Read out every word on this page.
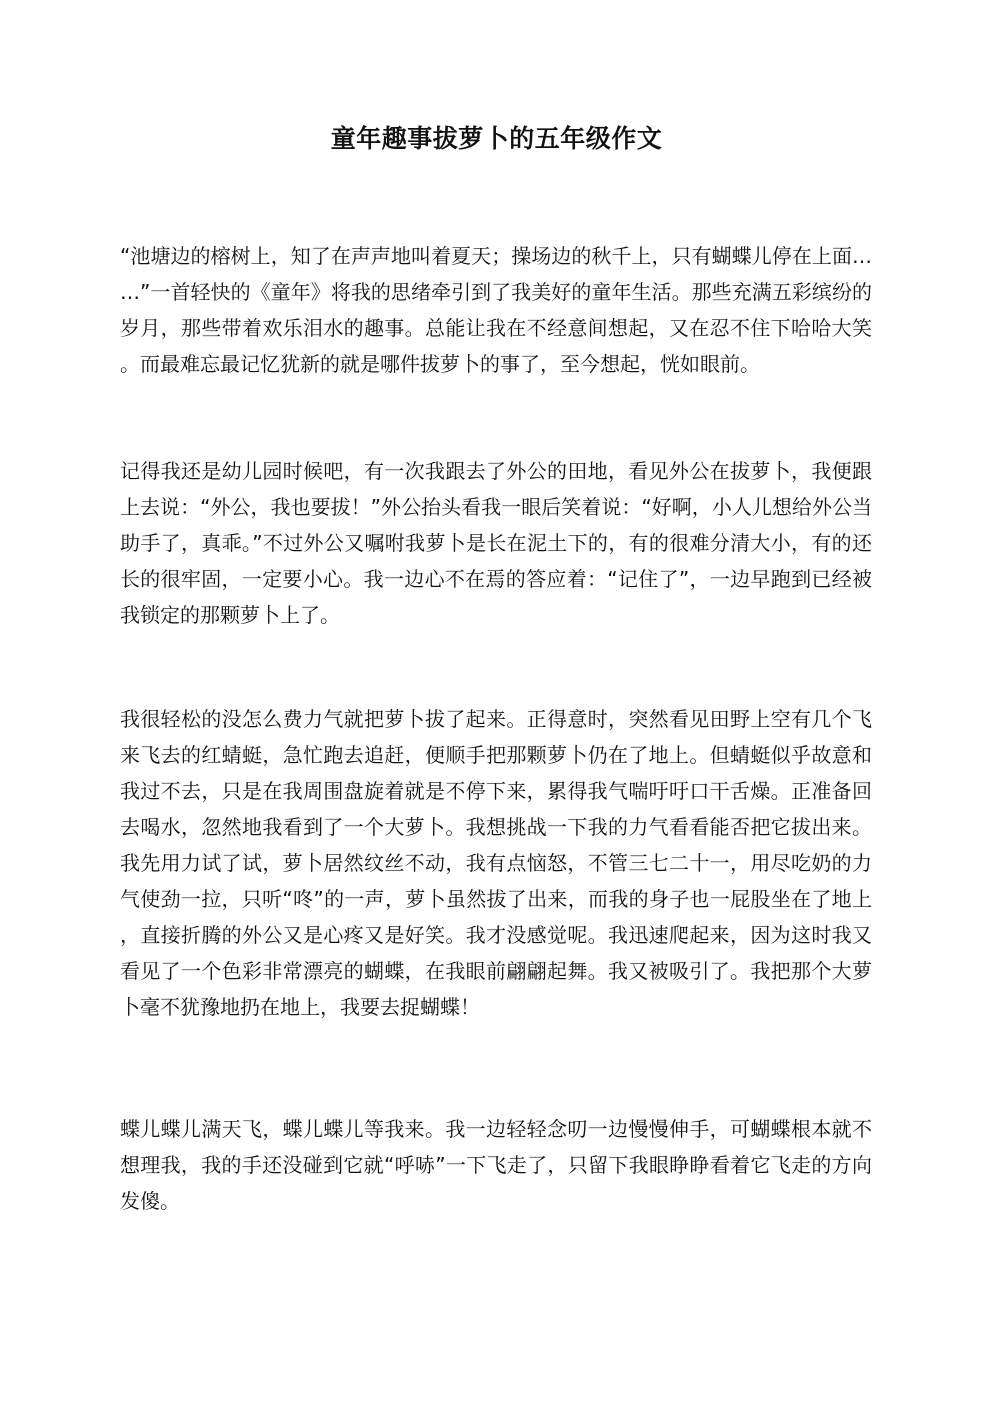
童年趣事拔萝卜的五年级作文
“池塘边的榕树上，知了在声声地叫着夏天；操场边的秋千上，只有蝴蝶儿停在上面…
…”一首轻快的《童年》将我的思绪牵引到了我美好的童年生活。那些充满五彩缤纷的
岁月，那些带着欢乐泪水的趣事。总能让我在不经意间想起，又在忍不住下哈哈大笑
。而最难忘最记忆犹新的就是哪件拔萝卜的事了，至今想起，恍如眼前。
记得我还是幼儿园时候吧，有一次我跟去了外公的田地，看见外公在拔萝卜，我便跟
上去说：“外公，我也要拔！”外公抬头看我一眼后笑着说：“好啊，小人儿想给外公当
助手了，真乖。”不过外公又嘱咐我萝卜是长在泥土下的，有的很难分清大小，有的还
长的很牢固，一定要小心。我一边心不在焉的答应着：“记住了”，一边早跑到已经被
我锁定的那颗萝卜上了。
我很轻松的没怎么费力气就把萝卜拔了起来。正得意时，突然看见田野上空有几个飞
来飞去的红蜻蜓，急忙跑去追赶，便顺手把那颗萝卜仍在了地上。但蜻蜓似乎故意和
我过不去，只是在我周围盘旋着就是不停下来，累得我气喘吁吁口干舌燥。正准备回
去喝水，忽然地我看到了一个大萝卜。我想挑战一下我的力气看看能否把它拔出来。
我先用力试了试，萝卜居然纹丝不动，我有点恼怒，不管三七二十一，用尽吃奶的力
气使劲一拉，只听“咚”的一声，萝卜虽然拔了出来，而我的身子也一屁股坐在了地上
，直接折腾的外公又是心疼又是好笑。我才没感觉呢。我迅速爬起来，因为这时我又
看见了一个色彩非常漂亮的蝴蝶，在我眼前翩翩起舞。我又被吸引了。我把那个大萝
卜毫不犹豫地扔在地上，我要去捉蝴蝶！
蝶儿蝶儿满天飞，蝶儿蝶儿等我来。我一边轻轻念叨一边慢慢伸手，可蝴蝶根本就不
想理我，我的手还没碰到它就“呼哧”一下飞走了，只留下我眼睁睁看着它飞走的方向
发傻。
